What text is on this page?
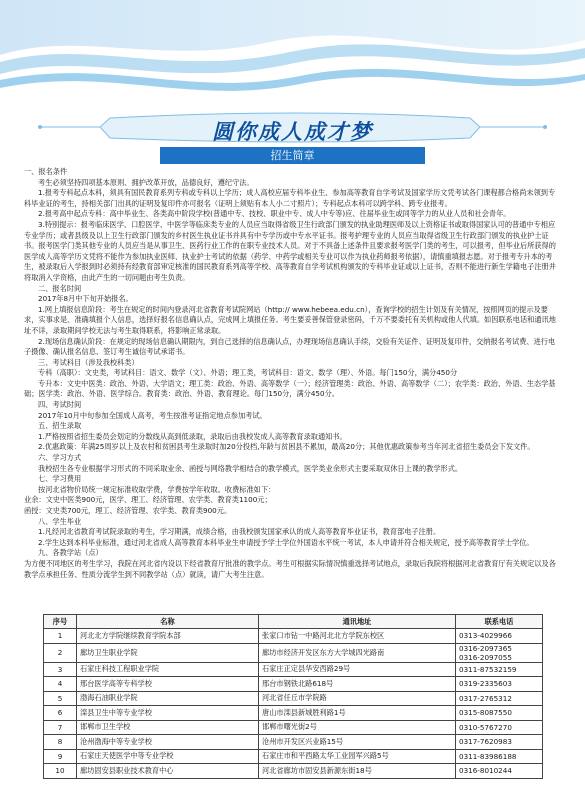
圆你成人成才梦
招生简章

一、报名条件

考生必须坚持四项基本原则、拥护改革开放，品德良好，遵纪守法。

1.报考专科起点本科，须具有国民教育系列专科或专科以上学历；成人高校应届专科毕业生、参加高等教育自学考试及国家学历文凭考试各门课程都合格尚未领到专科毕业证的考生，持相关部门出具的证明及复印件亦可报名（证明上须贴有本人小二寸照片）；专科起点本科可以跨学科、跨专业报考。

2.报考高中起点专科：高中毕业生、各类高中阶段学校(普通中专、技校、职业中专、成人中专等)应、往届毕业生或同等学力的从业人员和社会青年。

3.特别提示：报考临床医学、口腔医学、中医学等临床类专业的人员应当取得省级卫生行政部门颁发的执业助理医师及以上资格证书或取得国家认可的普通中专相应专业学历；或者县级及以上卫生行政部门颁发的乡村医生执业证书并具有中专学历或中专水平证书。报考护理专业的人员应当取得省级卫生行政部门颁发的执业护士证书。报考医学门类其他专业的人员应当是从事卫生、医药行业工作的在职专业技术人员。对于不具备上述条件且要求报考医学门类的考生，可以报考，但毕业后所获得的医学成人高等学历文凭将不能作为参加执业医师、执业护士考试的依据（药学、中药学或相关专业可以作为执业药师报考依据），请慎重填报志愿。对于报考专升本的考生，被录取后入学报到时必须持有经教育部审定核准的国民教育系列高等学校、高等教育自学考试机构颁发的专科毕业证或以上证书，否则不能进行新生学籍电子注册并将取消入学资格，由此产生的一切问题由考生负责。

二、报名时间

2017年8月中下旬开始报名。

1.网上填报信息阶段：考生在规定的时间内登录河北省教育考试院网站（http:// www.hebeea.edu.cn），查询学校的招生计划及有关情况，按照网页的提示及要求，实事求是、准确填报个人信息，选择好报名信息确认点，完成网上填报任务。考生要妥善保管登录密码，千万不要委托有关机构或他人代填。如因联系电话和通讯地址不详，录取期间学校无法与考生取得联系，将影响正常录取。

2.现场信息确认阶段：在规定的现场信息确认期限内，到自己选择的信息确认点，办理现场信息确认手续，交验有关证件、证明及复印件，交纳报名考试费、进行电子摄像、确认报名信息、签订考生诚信考试承诺书。

三、考试科目（涉及我校科类）

专科（高职）：文史类，考试科目：语文、数学（文）、外语；理工类，考试科目：语文、数学（理）、外语。每门150分，满分450分

专升本：文史中医类：政治、外语、大学语文；理工类：政治、外语、高等数学（一）；经济管理类：政治、外语、高等数学（二）；农学类：政治、外语、生态学基础；医学类：政治、外语、医学综合。教育类：政治、外语、教育理论。每门150分，满分450分。

四、考试时间

2017年10月中旬参加全国成人高考，考生按准考证指定地点参加考试。

五、招生录取

1.严格按照省招生委员会划定的分数线从高到低录取，录取后由我校发成人高等教育录取通知书。

2.优惠政策：年满25周岁以上及农村和贫困县考生录取时加20分投档,年龄与贫困县不累加，最高20分；其他优惠政策参考当年河北省招生委员会下发文件。

六、学习方式

我校招生各专业根据学习形式的不同采取业余、函授与网络教学相结合的教学模式，医学类业余形式主要采取双休日上课的教学形式。

七、学习费用

按河北省物价局统一规定标准收取学费，学费按学年收取。收费标准如下：

业余：文史中医类900元，医学、理工、经济管理、农学类、教育类1100元；

函授：文史类700元，理工、经济管理、农学类、教育类900元。

八、学生毕业

1.凡经河北省教育考试院录取的考生，学习期满，成绩合格，由我校颁发国家承认的成人高等教育毕业证书，教育部电子注册。

2.学生达到本科毕业标准，通过河北省成人高等教育本科毕业生申请授予学士学位外国语水平统一考试，本人申请并符合相关规定，授予高等教育学士学位。

九、各教学站（点）

为方便不同地区的考生学习，我院在河北省内设以下经省教育厅批准的教学点。考生可根据实际情况慎重选择考试地点，录取后我院将根据河北省教育厅有关规定以及各教学点承担任务、性质分流学生到不同教学站（点）就读，请广大考生注意。

序号	名称	通讯地址	联系电话
1	河北北方学院继续教育学院本部	张家口市钻一中路河北北方学院东校区	0313-4029966
2	廊坊卫生职业学院	廊坊市经济开发区东方大学城四光路南	0316-2097365
0316-2097055
3	石家庄科技工程职业学院	石家庄正定县华安西路29号	0311-87532159
4	邢台医学高等专科学校	邢台市钢铁北路618号	0319-2335603
5	渤海石油职业学院	河北省任丘市学院路	0317-2765312
6	滦县卫生中等专业学校	唐山市滦县新城胜利路1号	0315-8087550
7	邯郸市卫生学校	邯郸市曙光街2号	0310-5767270
8	沧州渤海中等专业学校	沧州市开发区兴业路15号	0317-7620983
9	石家庄天使医学中等专业学校	石家庄市和平西路太华工业园军兴路5号	0311-83986188
10	廊坊固安县职业技术教育中心	河北省廊坊市固安县新源东街18号	0316-8010244
